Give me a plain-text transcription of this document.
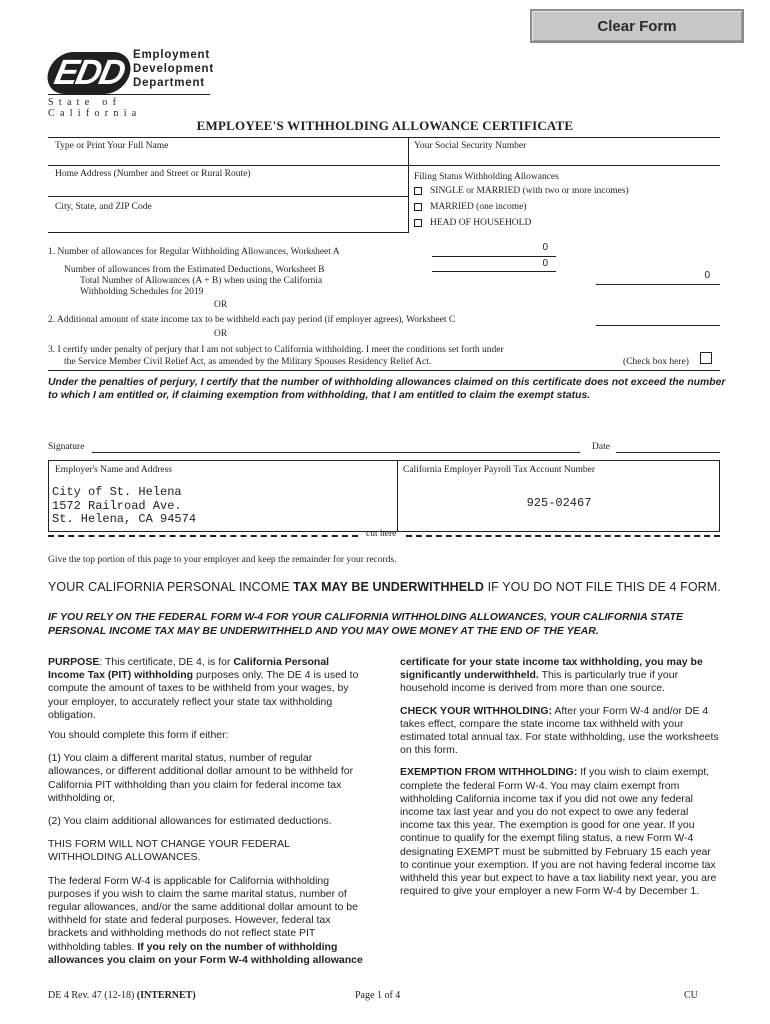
Clear Form
EDD Employment
Development
Department
State of California
EMPLOYEE'S WITHHOLDING ALLOWANCE CERTIFICATE
Type or Print Your Full Name	Your Social Security Number
Home Address (Number and Street or Rural Route)
City, State, and ZIP Code
Filing Status Withholding Allowances
SINGLE or MARRIED (with two or more incomes)
MARRIED (one income)
HEAD OF HOUSEHOLD
1. Number of allowances for Regular Withholding Allowances, Worksheet A	0
Number of allowances from the Estimated Deductions, Worksheet B
0
Total Number of Allowances (A + B) when using the California
Withholding Schedules for 2019
0
OR
2. Additional amount of state income tax to be withheld each pay period (if employer agrees), Worksheet C
OR
3. I certify under penalty of perjury that I am not subject to California withholding. I meet the conditions set forth under
the Service Member Civil Relief Act, as amended by the Military Spouses Residency Relief Act.	(Check box here)
Under the penalties of perjury, I certify that the number of withholding allowances claimed on this certificate does not exceed the number to which I am entitled or, if claiming exemption from withholding, that I am entitled to claim the exempt status.
Signature	Date
Employer's Name and Address
City of St. Helena
1572 Railroad Ave.
St. Helena, CA 94574
California Employer Payroll Tax Account Number
925-02467
cut here
Give the top portion of this page to your employer and keep the remainder for your records.
YOUR CALIFORNIA PERSONAL INCOME TAX MAY BE UNDERWITHHELD IF YOU DO NOT FILE THIS DE 4 FORM.
IF YOU RELY ON THE FEDERAL FORM W-4 FOR YOUR CALIFORNIA WITHHOLDING ALLOWANCES, YOUR CALIFORNIA STATE PERSONAL INCOME TAX MAY BE UNDERWITHHELD AND YOU MAY OWE MONEY AT THE END OF THE YEAR.
PURPOSE: This certificate, DE 4, is for California Personal Income Tax (PIT) withholding purposes only. The DE 4 is used to compute the amount of taxes to be withheld from your wages, by your employer, to accurately reflect your state tax withholding obligation.
You should complete this form if either:
(1) You claim a different marital status, number of regular allowances, or different additional dollar amount to be withheld for California PIT withholding than you claim for federal income tax withholding or,
(2) You claim additional allowances for estimated deductions.
THIS FORM WILL NOT CHANGE YOUR FEDERAL WITHHOLDING ALLOWANCES.
The federal Form W-4 is applicable for California withholding purposes if you wish to claim the same marital status, number of regular allowances, and/or the same additional dollar amount to be withheld for state and federal purposes. However, federal tax brackets and withholding methods do not reflect state PIT withholding tables. If you rely on the number of withholding allowances you claim on your Form W-4 withholding allowance
certificate for your state income tax withholding, you may be significantly underwithheld. This is particularly true if your household income is derived from more than one source.
CHECK YOUR WITHHOLDING: After your Form W-4 and/or DE 4 takes effect, compare the state income tax withheld with your estimated total annual tax. For state withholding, use the worksheets on this form.
EXEMPTION FROM WITHHOLDING: If you wish to claim exempt, complete the federal Form W-4. You may claim exempt from withholding California income tax if you did not owe any federal income tax last year and you do not expect to owe any federal income tax this year. The exemption is good for one year. If you continue to qualify for the exempt filing status, a new Form W-4 designating EXEMPT must be submitted by February 15 each year to continue your exemption. If you are not having federal income tax withheld this year but expect to have a tax liability next year, you are required to give your employer a new Form W-4 by December 1.
DE 4 Rev. 47 (12-18) (INTERNET)	Page 1 of 4	CU
